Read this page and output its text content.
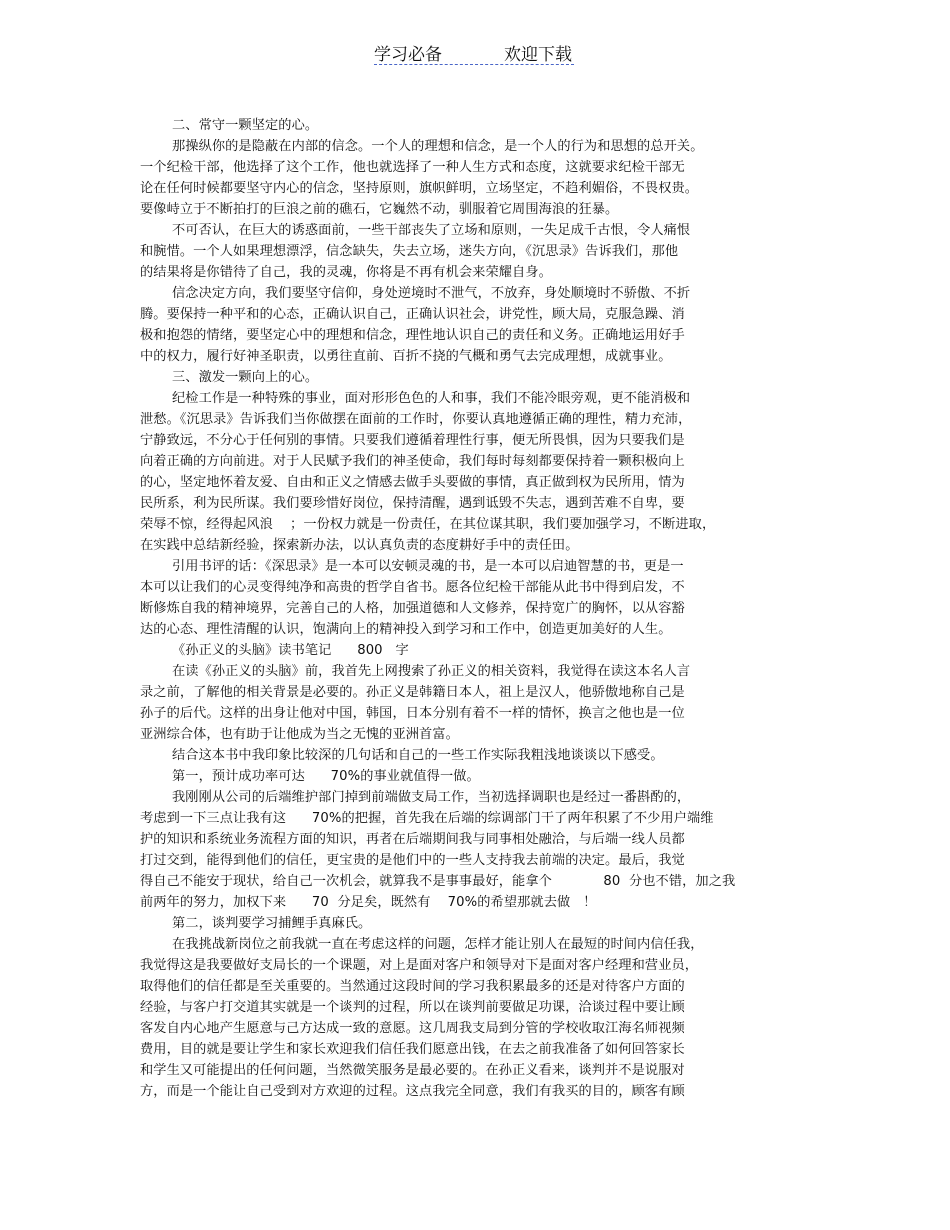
学习必备	欢迎下载
二、常守一颗坚定的心。
那操纵你的是隐蔽在内部的信念。一个人的理想和信念，是一个人的行为和思想的总开关。
一个纪检干部，他选择了这个工作，他也就选择了一种人生方式和态度，这就要求纪检干部无
论在任何时候都要坚守内心的信念，坚持原则，旗帜鲜明，立场坚定，不趋利媚俗，不畏权贵。
要像峙立于不断拍打的巨浪之前的礁石，它巍然不动，驯服着它周围海浪的狂暴。
不可否认，在巨大的诱惑面前，一些干部丧失了立场和原则，一失足成千古恨，令人痛恨
和腕惜。一个人如果理想漂浮，信念缺失，失去立场，迷失方向，《沉思录》告诉我们，那他
的结果将是你错待了自己，我的灵魂，你将是不再有机会来荣耀自身。
信念决定方向，我们要坚守信仰，身处逆境时不泄气，不放弃，身处顺境时不骄傲、不折
腾。要保持一种平和的心态，正确认识自己，正确认识社会，讲党性，顾大局，克服急躁、消
极和抱怨的情绪，要坚定心中的理想和信念，理性地认识自己的责任和义务。正确地运用好手
中的权力，履行好神圣职责，以勇往直前、百折不挠的气概和勇气去完成理想，成就事业。
三、激发一颗向上的心。
纪检工作是一种特殊的事业，面对形形色色的人和事，我们不能冷眼旁观，更不能消极和
泄愁。《沉思录》告诉我们当你做摆在面前的工作时，你要认真地遵循正确的理性，精力充沛，
宁静致远，不分心于任何别的事情。只要我们遵循着理性行事，便无所畏惧，因为只要我们是
向着正确的方向前进。对于人民赋予我们的神圣使命，我们每时每刻都要保持着一颗积极向上
的心，坚定地怀着友爱、自由和正义之情感去做手头要做的事情，真正做到权为民所用，情为
民所系，利为民所谋。我们要珍惜好岗位，保持清醒，遇到诋毁不失志，遇到苦难不自卑，要
荣辱不惊，经得起风浪    ；一份权力就是一份责任，在其位谋其职，我们要加强学习，不断进取，
在实践中总结新经验，探索新办法，以认真负责的态度耕好手中的责任田。
引用书评的话：《深思录》是一本可以安顿灵魂的书，是一本可以启迪智慧的书，更是一
本可以让我们的心灵变得纯净和高贵的哲学自省书。愿各位纪检干部能从此书中得到启发，不
断修炼自我的精神境界，完善自己的人格，加强道德和人文修养，保持宽广的胸怀，以从容豁
达的心态、理性清醒的认识，饱满向上的精神投入到学习和工作中，创造更加美好的人生。
《孙正义的头脑》读书笔记      800   字
在读《孙正义的头脑》前，我首先上网搜索了孙正义的相关资料，我觉得在读这本名人言
录之前，了解他的相关背景是必要的。孙正义是韩籍日本人，祖上是汉人，他骄傲地称自己是
孙子的后代。这样的出身让他对中国，韩国，日本分别有着不一样的情怀，换言之他也是一位
亚洲综合体，也有助于让他成为当之无愧的亚洲首富。
结合这本书中我印象比较深的几句话和自己的一些工作实际我粗浅地谈谈以下感受。
第一，预计成功率可达      70%的事业就值得一做。
我刚刚从公司的后端维护部门掉到前端做支局工作，当初选择调职也是经过一番斟酌的，
考虑到一下三点让我有这      70%的把握，首先我在后端的综调部门干了两年积累了不少用户端维
护的知识和系统业务流程方面的知识，再者在后端期间我与同事相处融洽，与后端一线人员都
打过交到，能得到他们的信任，更宝贵的是他们中的一些人支持我去前端的决定。最后，我觉
得自己不能安于现状，给自己一次机会，就算我不是事事最好，能拿个            80  分也不错，加之我
前两年的努力，加权下来      70  分足矣，既然有    70%的希望那就去做   ！
第二，谈判要学习捕鲤手真麻氏。
在我挑战新岗位之前我就一直在考虑这样的问题，怎样才能让别人在最短的时间内信任我，
我觉得这是我要做好支局长的一个课题，对上是面对客户和领导对下是面对客户经理和营业员，
取得他们的信任都是至关重要的。当然通过这段时间的学习我积累最多的还是对待客户方面的
经验，与客户打交道其实就是一个谈判的过程，所以在谈判前要做足功课，洽谈过程中要让顾
客发自内心地产生愿意与己方达成一致的意愿。这几周我支局到分管的学校收取江海名师视频
费用，目的就是要让学生和家长欢迎我们信任我们愿意出钱，在去之前我准备了如何回答家长
和学生又可能提出的任何问题，当然微笑服务是最必要的。在孙正义看来，谈判并不是说服对
方，而是一个能让自己受到对方欢迎的过程。这点我完全同意，我们有我买的目的，顾客有顾
